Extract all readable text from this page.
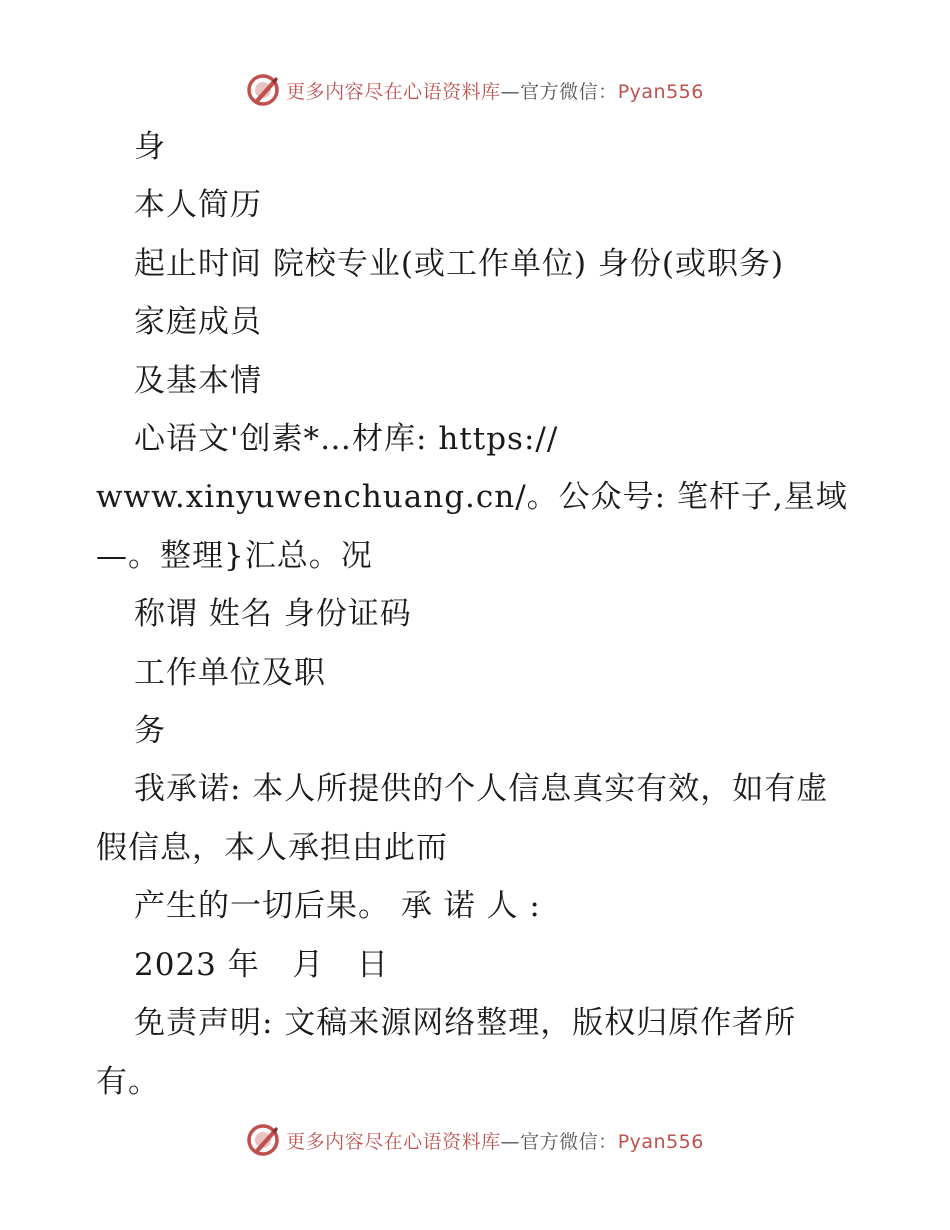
更多内容尽在心语资料库—官方微信：Pyan556

身

本人简历

起止时间 院校专业(或工作单位) 身份(或职务)

家庭成员

及基本情

心语文'创素*…材库: https://

www.xinyuwenchuang.cn/。公众号: 笔杆子,星域

—。整理}汇总。况

称谓 姓名 身份证码

工作单位及职

务

我承诺: 本人所提供的个人信息真实有效，如有虚假信息，本人承担由此而

产生的一切后果。 承 诺 人 :

2023 年   月   日

免责声明: 文稿来源网络整理，版权归原作者所有。

更多内容尽在心语资料库—官方微信：Pyan556
